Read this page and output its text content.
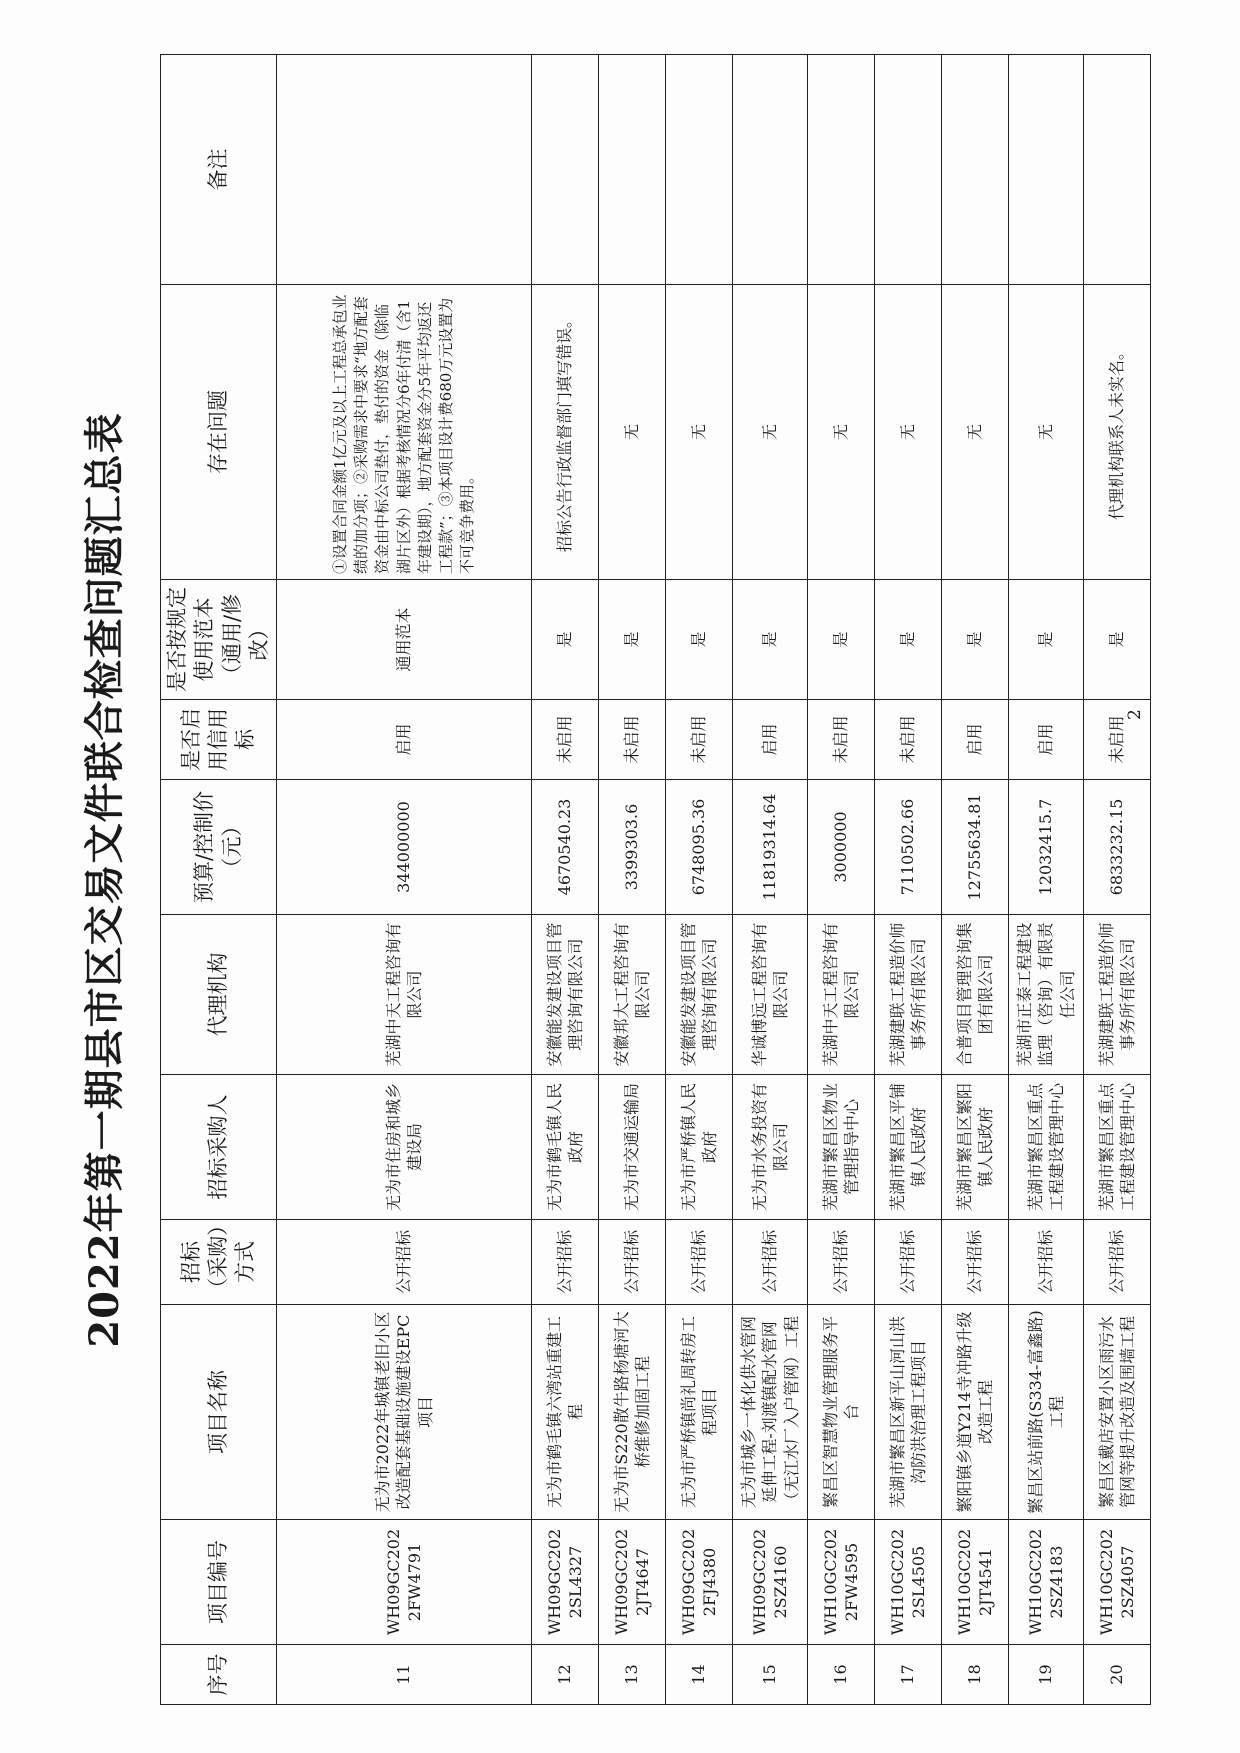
2022年第一期县市区交易文件联合检查问题汇总表
序号	项目编号	项目名称	招标（采购）方式	招标采购人	代理机构	预算/控制价（元）	是否启用信用标	是否按规定使用范本（通用/修改）	存在问题	备注
11	WH09GC2022FW4791	无为市2022年城镇老旧小区改造配套基础设施建设EPC项目	公开招标	无为市住房和城乡建设局	芜湖中天工程咨询有限公司	344000000	启用	通用范本	①设置合同金额1亿元及以上工程总承包业绩的加分项；②采购需求中要求“地方配套资金由中标公司垫付，垫付的资金（除临湖片区外）根据考核情况分6年付清（含1年建设期），地方配套资金分5年平均返还工程款”；③本项目设计费680万元设置为不可竞争费用。	
12	WH09GC2022SL4327	无为市鹤毛镇六湾站重建工程	公开招标	无为市鹤毛镇人民政府	安徽能发建设项目管理咨询有限公司	4670540.23	未启用	是	招标公告行政监督部门填写错误。	
13	WH09GC2022JT4647	无为市S220散牛路杨塘河大桥维修加固工程	公开招标	无为市交通运输局	安徽邦大工程咨询有限公司	3399303.6	未启用	是	无	
14	WH09GC2022FJ4380	无为市严桥镇尚礼周转房工程项目	公开招标	无为市严桥镇人民政府	安徽能发建设项目管理咨询有限公司	6748095.36	未启用	是	无	
15	WH09GC2022SZ4160	无为市城乡一体化供水管网延伸工程-刘渡镇配水管网（无江水厂入户管网）工程	公开招标	无为市水务投资有限公司	华诚博远工程咨询有限公司	11819314.64	启用	是	无	
16	WH10GC2022FW4595	繁昌区智慧物业管理服务平台	公开招标	芜湖市繁昌区物业管理指导中心	芜湖中天工程咨询有限公司	3000000	未启用	是	无	
17	WH10GC2022SL4505	芜湖市繁昌区新平山河山洪沟防洪治理工程项目	公开招标	芜湖市繁昌区平铺镇人民政府	芜湖建联工程造价师事务所有限公司	7110502.66	未启用	是	无	
18	WH10GC2022JT4541	繁阳镇乡道Y214寺冲路升级改造工程	公开招标	芜湖市繁昌区繁阳镇人民政府	合普项目管理咨询集团有限公司	12755634.81	启用	是	无	
19	WH10GC2022SZ4183	繁昌区站前路(S334-富鑫路)工程	公开招标	芜湖市繁昌区重点工程建设管理中心	芜湖市正泰工程建设监理（咨询）有限责任公司	12032415.7	启用	是	无	
20	WH10GC2022SZ4057	繁昌区戴店安置小区雨污水管网等提升改造及围墙工程	公开招标	芜湖市繁昌区重点工程建设管理中心	芜湖建联工程造价师事务所有限公司	6833232.15	未启用	是	代理机构联系人未实名。	
2
